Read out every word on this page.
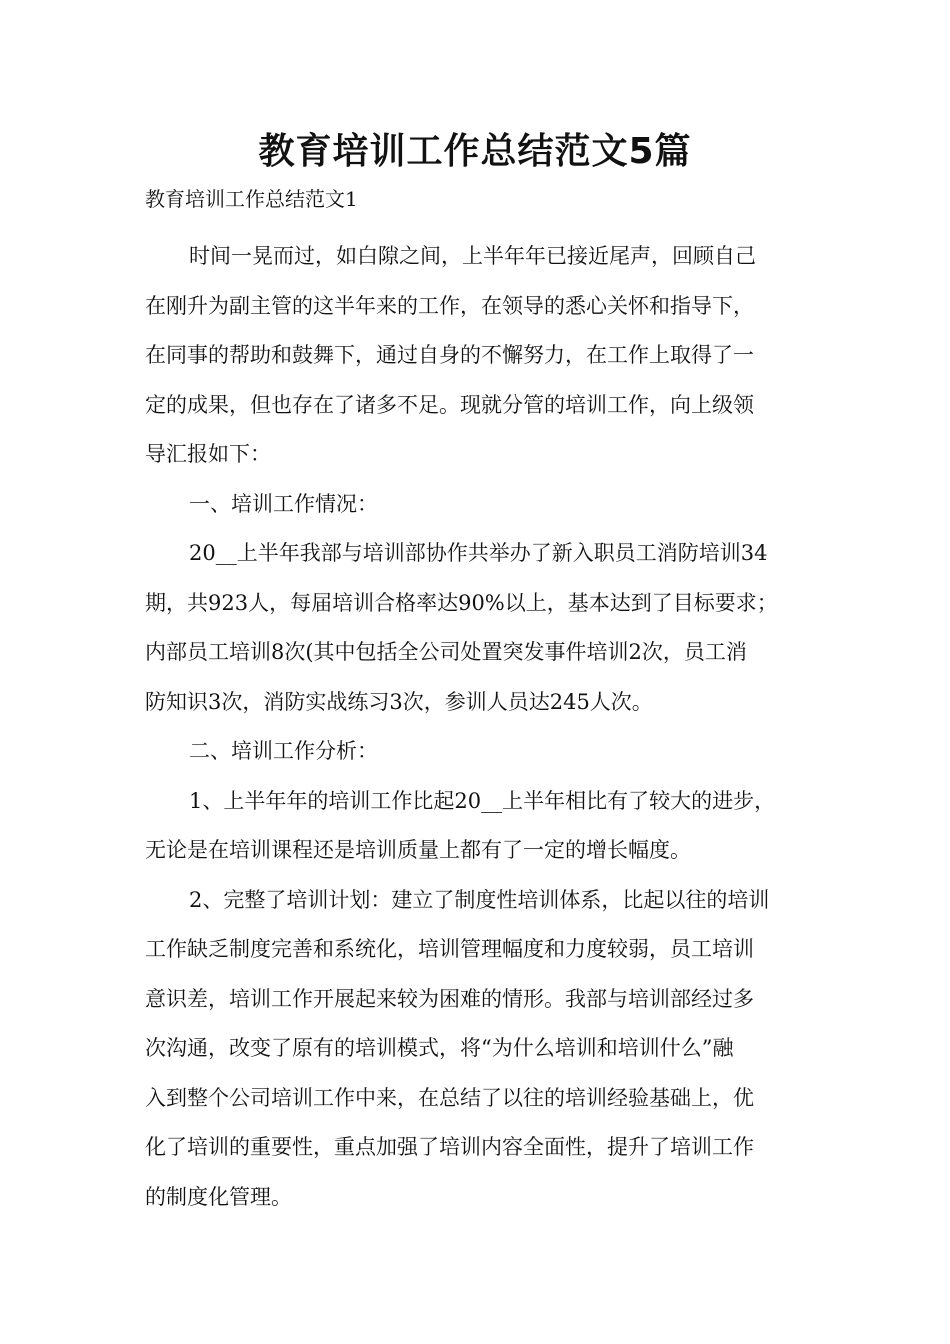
教育培训工作总结范文5篇
教育培训工作总结范文1
时间一晃而过，如白隙之间，上半年年已接近尾声，回顾自己
在刚升为副主管的这半年来的工作，在领导的悉心关怀和指导下，
在同事的帮助和鼓舞下，通过自身的不懈努力，在工作上取得了一
定的成果，但也存在了诸多不足。现就分管的培训工作，向上级领
导汇报如下：
一、培训工作情况：
20__上半年我部与培训部协作共举办了新入职员工消防培训34
期，共923人，每届培训合格率达90%以上，基本达到了目标要求；
内部员工培训8次(其中包括全公司处置突发事件培训2次，员工消
防知识3次，消防实战练习3次，参训人员达245人次。
二、培训工作分析：
1、上半年年的培训工作比起20__上半年相比有了较大的进步，
无论是在培训课程还是培训质量上都有了一定的增长幅度。
2、完整了培训计划：建立了制度性培训体系，比起以往的培训
工作缺乏制度完善和系统化，培训管理幅度和力度较弱，员工培训
意识差，培训工作开展起来较为困难的情形。我部与培训部经过多
次沟通，改变了原有的培训模式，将“为什么培训和培训什么”融
入到整个公司培训工作中来，在总结了以往的培训经验基础上，优
化了培训的重要性，重点加强了培训内容全面性，提升了培训工作
的制度化管理。
